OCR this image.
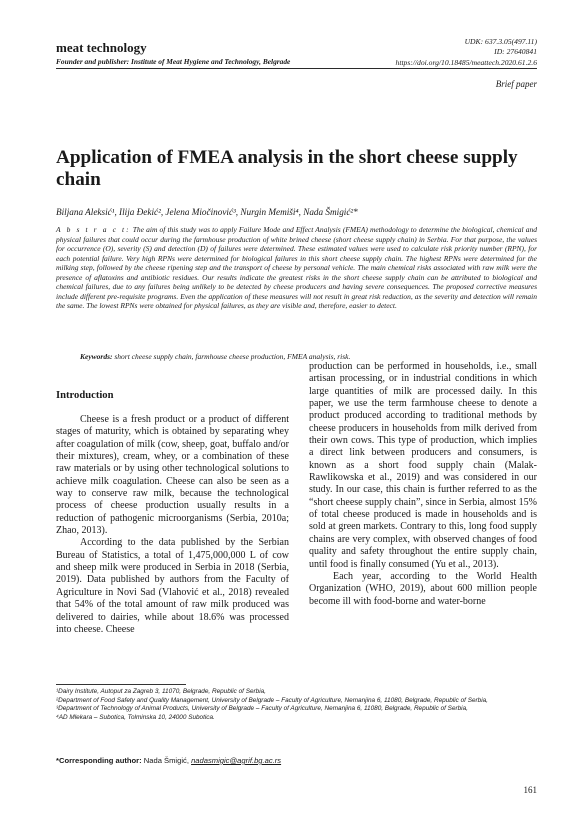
meat technology
Founder and publisher: Institute of Meat Hygiene and Technology, Belgrade
UDK: 637.3.05(497.11)
ID: 27640841
https://doi.org/10.18485/meattech.2020.61.2.6
Brief paper
Application of FMEA analysis in the short cheese supply chain
Biljana Aleksić¹, Ilija Đekić², Jelena Miočinović³, Nurgin Memiši⁴, Nada Šmigić²*
A b s t r a c t: The aim of this study was to apply Failure Mode and Effect Analysis (FMEA) methodology to determine the biological, chemical and physical failures that could occur during the farmhouse production of white brined cheese (short cheese supply chain) in Serbia. For that purpose, the values for occurrence (O), severity (S) and detection (D) of failures were determined. These estimated values were used to calculate risk priority number (RPN), for each potential failure. Very high RPNs were determined for biological failures in this short cheese supply chain. The highest RPNs were determined for the milking step, followed by the cheese ripening step and the transport of cheese by personal vehicle. The main chemical risks associated with raw milk were the presence of aflatoxins and antibiotic residues. Our results indicate the greatest risks in the short cheese supply chain can be attributed to biological and chemical failures, due to any failures being unlikely to be detected by cheese producers and having severe consequences. The proposed corrective measures include different pre-requisite programs. Even the application of these measures will not result in great risk reduction, as the severity and detection will remain the same. The lowest RPNs were obtained for physical failures, as they are visible and, therefore, easier to detect.
Keywords: short cheese supply chain, farmhouse cheese production, FMEA analysis, risk.
Introduction

Cheese is a fresh product or a product of different stages of maturity, which is obtained by separating whey after coagulation of milk (cow, sheep, goat, buffalo and/or their mixtures), cream, whey, or a combination of these raw materials or by using other technological solutions to achieve milk coagulation. Cheese can also be seen as a way to conserve raw milk, because the technological process of cheese production usually results in a reduction of pathogenic microorganisms (Serbia, 2010a; Zhao, 2013).

According to the data published by the Serbian Bureau of Statistics, a total of 1,475,000,000 L of cow and sheep milk were produced in Serbia in 2018 (Serbia, 2019). Data published by authors from the Faculty of Agriculture in Novi Sad (Vlahović et al., 2018) revealed that 54% of the total amount of raw milk produced was delivered to dairies, while about 18.6% was processed into cheese. Cheese

production can be performed in households, i.e., small artisan processing, or in industrial conditions in which large quantities of milk are processed daily. In this paper, we use the term farmhouse cheese to denote a product produced according to traditional methods by cheese producers in households from milk derived from their own cows. This type of production, which implies a direct link between producers and consumers, is known as a short food supply chain (Malak-Rawlikowska et al., 2019) and was considered in our study. In our case, this chain is further referred to as the “short cheese supply chain”, since in Serbia, almost 15% of total cheese produced is made in households and is sold at green markets. Contrary to this, long food supply chains are very complex, with observed changes of food quality and safety throughout the entire supply chain, until food is finally consumed (Yu et al., 2013).

Each year, according to the World Health Organization (WHO, 2019), about 600 million people become ill with food-borne and water-borne

¹Dairy Institute, Autoput za Zagreb 3, 11070, Belgrade, Republic of Serbia,
²Department of Food Safety and Quality Management, University of Belgrade – Faculty of Agriculture, Nemanjina 6, 11080, Belgrade, Republic of Serbia,
³Department of Technology of Animal Products, University of Belgrade – Faculty of Agriculture, Nemanjina 6, 11080, Belgrade, Republic of Serbia,
⁴AD Mlekara – Subotica, Tolminska 10, 24000 Subotica.
*Corresponding author: Nada Šmigić, nadasmigic@agrif.bg.ac.rs
161
